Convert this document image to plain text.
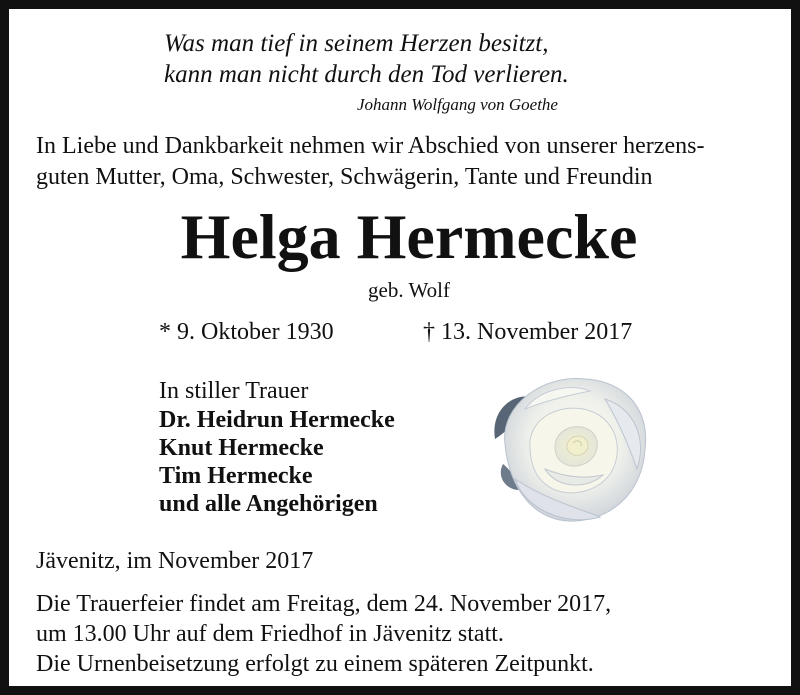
Was man tief in seinem Herzen besitzt,
kann man nicht durch den Tod verlieren.
Johann Wolfgang von Goethe
In Liebe und Dankbarkeit nehmen wir Abschied von unserer herzens-
guten Mutter, Oma, Schwester, Schwägerin, Tante und Freundin
Helga Hermecke
geb. Wolf
* 9. Oktober 1930	† 13. November 2017
In stiller Trauer
Dr. Heidrun Hermecke
Knut Hermecke
Tim Hermecke
und alle Angehörigen
Jävenitz, im November 2017
Die Trauerfeier findet am Freitag, dem 24. November 2017,
um 13.00 Uhr auf dem Friedhof in Jävenitz statt.
Die Urnenbeisetzung erfolgt zu einem späteren Zeitpunkt.
